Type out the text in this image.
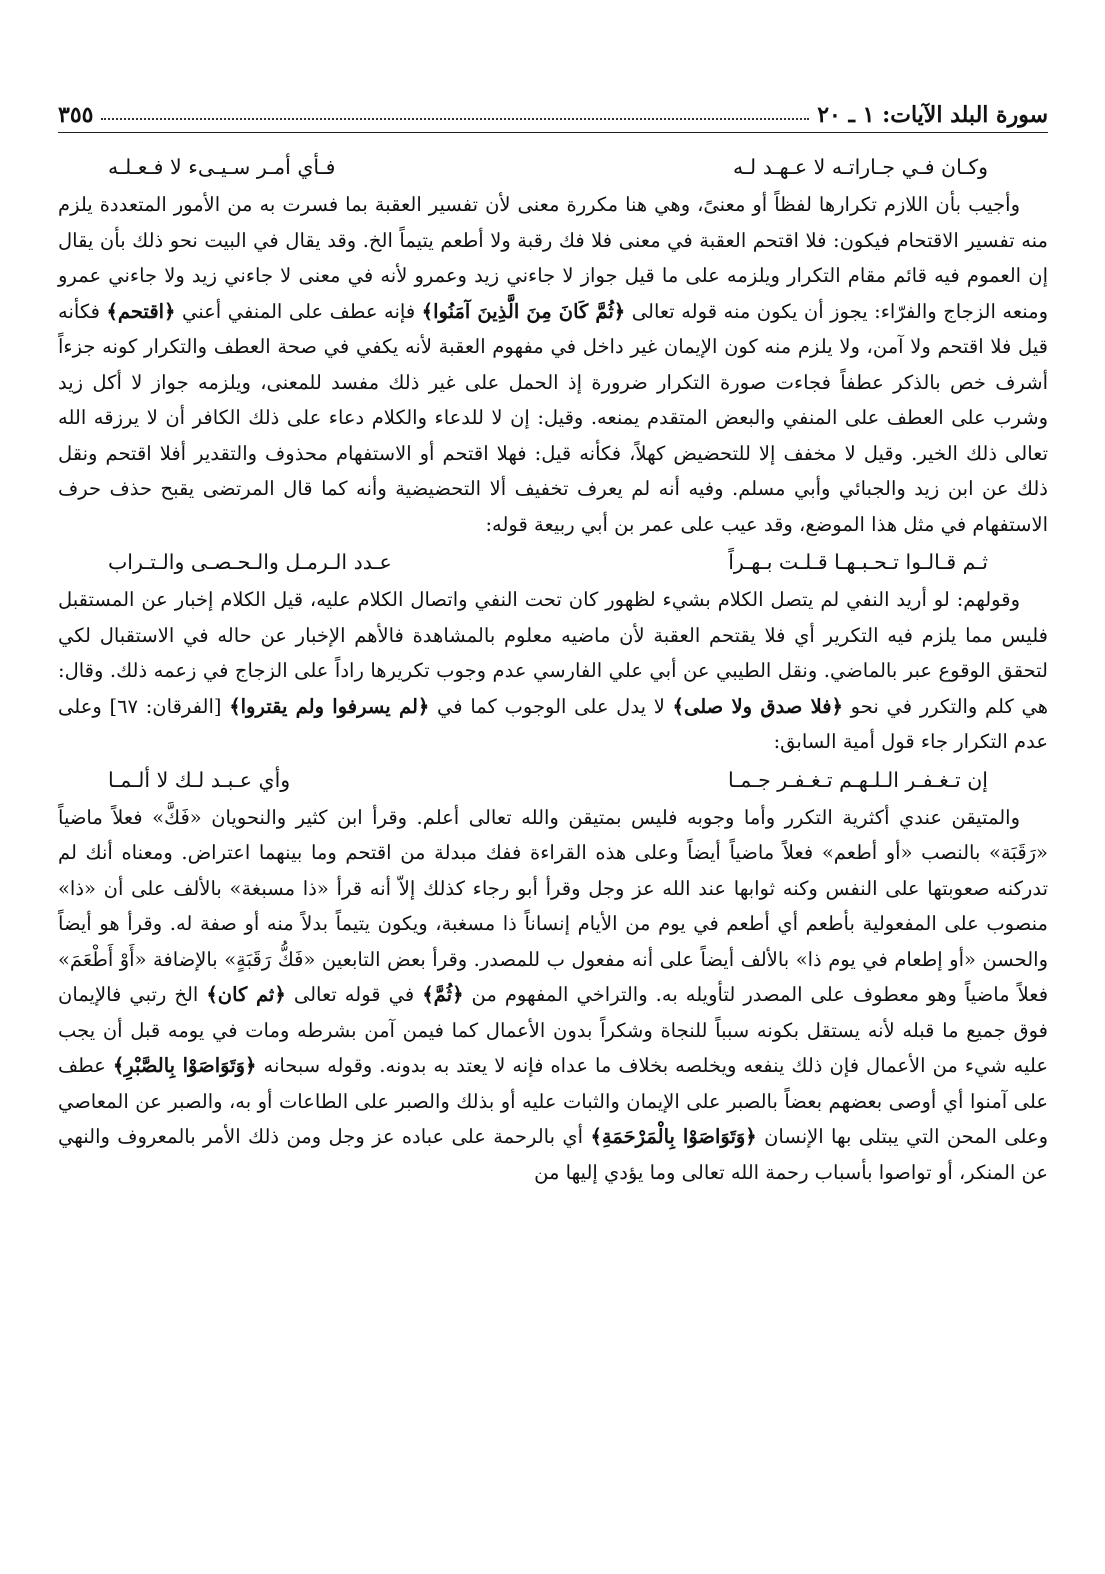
سورة البلد الآيات: ١ ـ ٢٠
٣٥٥
وكـان فـي جـاراتـه لا عـهـد لـه
فـأي أمـر سـيـىء لا فـعـلـه

وأجيب بأن اللازم تكرارها لفظاً أو معنىً، وهي هنا مكررة معنى لأن تفسير العقبة بما فسرت به من الأمور المتعددة يلزم منه تفسير الاقتحام فيكون: فلا اقتحم العقبة في معنى فلا فك رقبة ولا أطعم يتيماً الخ. وقد يقال في البيت نحو ذلك بأن يقال إن العموم فيه قائم مقام التكرار ويلزمه على ما قيل جواز لا جاءني زيد وعمرو لأنه في معنى لا جاءني زيد ولا جاءني عمرو ومنعه الزجاج والفرّاء: يجوز أن يكون منه قوله تعالى ﴿ثُمَّ كَانَ مِنَ الَّذِينَ آمَنُوا﴾ فإنه عطف على المنفي أعني ﴿اقتحم﴾ فكأنه قيل فلا اقتحم ولا آمن، ولا يلزم منه كون الإيمان غير داخل في مفهوم العقبة لأنه يكفي في صحة العطف والتكرار كونه جزءاً أشرف خص بالذكر عطفاً فجاءت صورة التكرار ضرورة إذ الحمل على غير ذلك مفسد للمعنى، ويلزمه جواز لا أكل زيد وشرب على العطف على المنفي والبعض المتقدم يمنعه. وقيل: إن لا للدعاء والكلام دعاء على ذلك الكافر أن لا يرزقه الله تعالى ذلك الخير. وقيل لا مخفف إلا للتحضيض كهلاً، فكأنه قيل: فهلا اقتحم أو الاستفهام محذوف والتقدير أفلا اقتحم ونقل ذلك عن ابن زيد والجبائي وأبي مسلم. وفيه أنه لم يعرف تخفيف ألا التحضيضية وأنه كما قال المرتضى يقبح حذف حرف الاستفهام في مثل هذا الموضع، وقد عيب على عمر بن أبي ربيعة قوله:

ثـم قـالـوا تـحـبـهـا قـلـت بـهـراً
عـدد الـرمـل والـحـصـى والـتـراب

وقولهم: لو أريد النفي لم يتصل الكلام بشيء لظهور كان تحت النفي واتصال الكلام عليه، قيل الكلام إخبار عن المستقبل فليس مما يلزم فيه التكرير أي فلا يقتحم العقبة لأن ماضيه معلوم بالمشاهدة فالأهم الإخبار عن حاله في الاستقبال لكي لتحقق الوقوع عبر بالماضي. ونقل الطيبي عن أبي علي الفارسي عدم وجوب تكريرها راداً على الزجاج في زعمه ذلك. وقال: هي كلم والتكرر في نحو ﴿فلا صدق ولا صلى﴾ لا يدل على الوجوب كما في ﴿لم يسرفوا ولم يقتروا﴾ [الفرقان: ٦٧] وعلى عدم التكرار جاء قول أمية السابق:

إن تـغـفـر الـلـهـم تـغـفـر جـمـا
وأي عـبـد لـك لا ألـمـا

والمتيقن عندي أكثرية التكرر وأما وجوبه فليس بمتيقن والله تعالى أعلم. وقرأ ابن كثير والنحويان «فَكَّ» فعلاً ماضياً «رَقَبَة» بالنصب «أو أطعم» فعلاً ماضياً أيضاً وعلى هذه القراءة ففك مبدلة من اقتحم وما بينهما اعتراض. ومعناه أنك لم تدركنه صعوبتها على النفس وكنه ثوابها عند الله عز وجل وقرأ أبو رجاء كذلك إلاّ أنه قرأ «ذا مسبغة» بالألف على أن «ذا» منصوب على المفعولية بأطعم أي أطعم في يوم من الأيام إنساناً ذا مسغبة، ويكون يتيماً بدلاً منه أو صفة له. وقرأ هو أيضاً والحسن «أو إطعام في يوم ذا» بالألف أيضاً على أنه مفعول ب للمصدر. وقرأ بعض التابعين «فَكُّ رَقَبَةٍ» بالإضافة «أَوْ أَطْعَمَ» فعلاً ماضياً وهو معطوف على المصدر لتأويله به. والتراخي المفهوم من ﴿ثُمَّ﴾ في قوله تعالى ﴿ثم كان﴾ الخ رتبي فالإيمان فوق جميع ما قبله لأنه يستقل بكونه سبباً للنجاة وشكراً بدون الأعمال كما فيمن آمن بشرطه ومات في يومه قبل أن يجب عليه شيء من الأعمال فإن ذلك ينفعه ويخلصه بخلاف ما عداه فإنه لا يعتد به بدونه. وقوله سبحانه ﴿وَتَوَاصَوْا بِالصَّبْرِ﴾ عطف على آمنوا أي أوصى بعضهم بعضاً بالصبر على الإيمان والثبات عليه أو بذلك والصبر على الطاعات أو به، والصبر عن المعاصي وعلى المحن التي يبتلى بها الإنسان ﴿وَتَوَاصَوْا بِالْمَرْحَمَةِ﴾ أي بالرحمة على عباده عز وجل ومن ذلك الأمر بالمعروف والنهي عن المنكر، أو تواصوا بأسباب رحمة الله تعالى وما يؤدي إليها من
